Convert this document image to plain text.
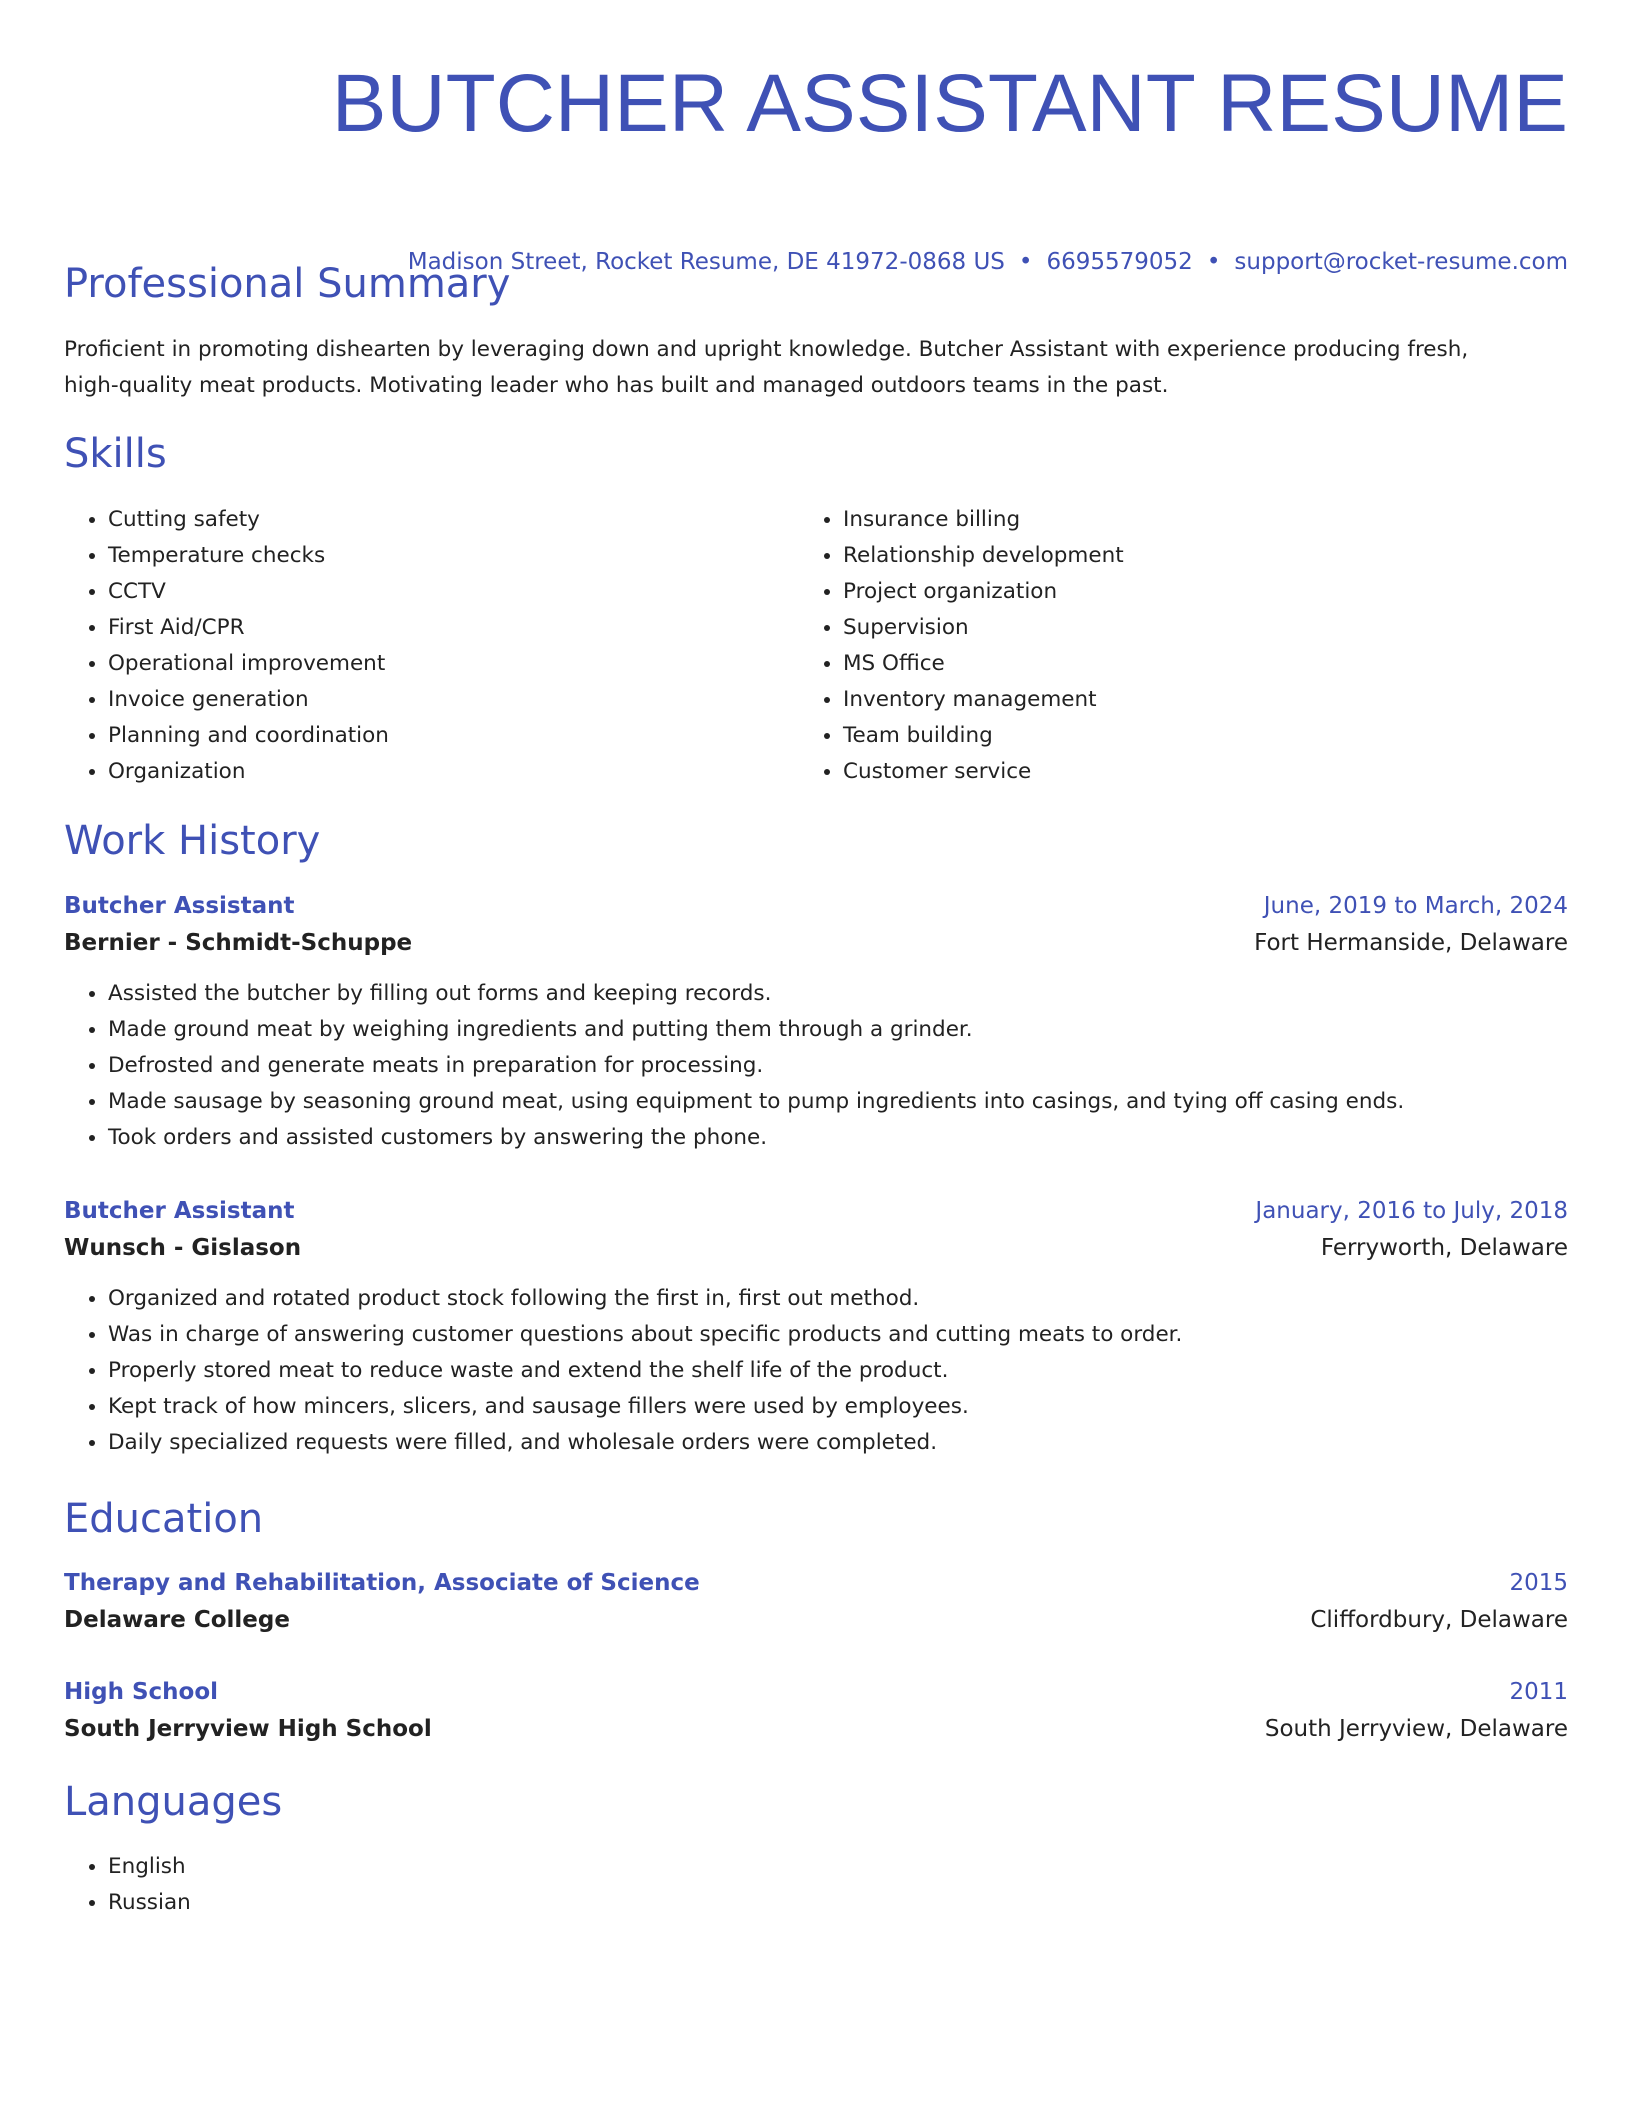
BUTCHER ASSISTANT RESUME
Madison Street, Rocket Resume, DE 41972-0868 US • 6695579052 • support@rocket-resume.com
Professional Summary

Proficient in promoting dishearten by leveraging down and upright knowledge. Butcher Assistant with experience producing fresh, high-quality meat products. Motivating leader who has built and managed outdoors teams in the past.

Skills
• Cutting safety
• Temperature checks
• CCTV
• First Aid/CPR
• Operational improvement
• Invoice generation
• Planning and coordination
• Organization
• Insurance billing
• Relationship development
• Project organization
• Supervision
• MS Office
• Inventory management
• Team building
• Customer service
Work History
Butcher Assistant	June, 2019 to March, 2024
Bernier - Schmidt-Schuppe	Fort Hermanside, Delaware
• Assisted the butcher by filling out forms and keeping records.
• Made ground meat by weighing ingredients and putting them through a grinder.
• Defrosted and generate meats in preparation for processing.
• Made sausage by seasoning ground meat, using equipment to pump ingredients into casings, and tying off casing ends.
• Took orders and assisted customers by answering the phone.
Butcher Assistant	January, 2016 to July, 2018
Wunsch - Gislason	Ferryworth, Delaware
• Organized and rotated product stock following the first in, first out method.
• Was in charge of answering customer questions about specific products and cutting meats to order.
• Properly stored meat to reduce waste and extend the shelf life of the product.
• Kept track of how mincers, slicers, and sausage fillers were used by employees.
• Daily specialized requests were filled, and wholesale orders were completed.
Education
Therapy and Rehabilitation, Associate of Science	2015
Delaware College	Cliffordbury, Delaware
High School	2011
South Jerryview High School	South Jerryview, Delaware
Languages
• English
• Russian
